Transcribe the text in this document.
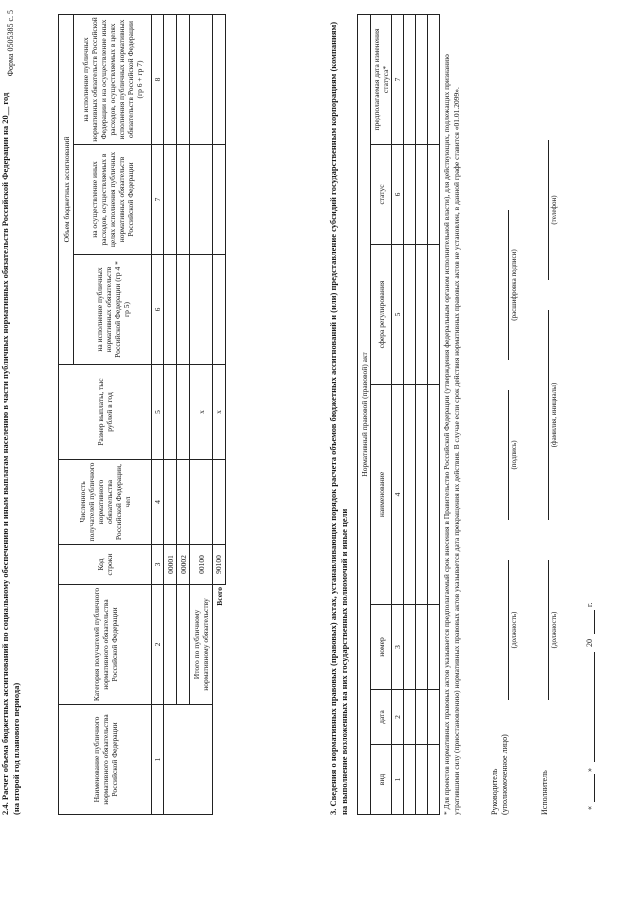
Форма 0505385 с. 5
2.4. Расчет объема бюджетных ассигнований по социальному обеспечению и иным выплатам населению в части публичных нормативных обязательств Российской Федерации на 20__ год (на второй год планового периода)	Наименование публичного нормативного обязательства Российской Федерации	Категория получателей публичного нормативного обязательства Российской Федерации	Код строки	Численность получателей публичного нормативного обязательства Российской Федерации, чел	Размер выплаты, тыс рублей в год	Объем бюджетных ассигнований		
					на исполнение публичных нормативных обязательств Российской Федерации (гр 4 * гр 5)	на осуществление иных расходов, осуществляемых в целях исполнения публичных нормативных обязательств Российской Федерации	на исполнение публичных нормативных обязательств Российской Федерации и на осуществление иных расходов, осуществляемых в целях исполнения публичных нормативных обязательств Российской Федерации (гр 6 + гр 7)
1	2	3	4	5	6	7	8
		00001					
		00002					
	Итого по публичному нормативному обязательству	00100		x			
Всего		90100		x				3. Сведения о нормативных правовых (правовых) актах, устанавливающих порядок расчета объемов бюджетных ассигнований и (или) представление субсидий государственным корпорациям (компаниям) на выполнение возложенных на них государственных полномочий и иные цели
Нормативный правовой (правовой) акт						
вид	дата	номер	наименование	сфера регулирования	статус	предполагаемая дата изменения статуса*
1	2	3	4	5	6	7

							* Для проектов нормативных правовых актов указывается предполагаемый срок внесения в Правительство Российской Федерации (утверждения федеральным органом исполнительной власти), для действующих, подлежащих признанию утратившими силу (приостановлению) нормативных правовых актов указывается дата прекращения их действия. В случае если срок действия нормативных правовых актов не установлен, в данной графе ставится «01.01.2099».	Руководитель (уполномоченное лицо)
(должность)
(подпись)
(расшифровка подписи)
Исполнитель
(должность)
(фамилия, инициалы)
(телефон)
«
»
20
г.
